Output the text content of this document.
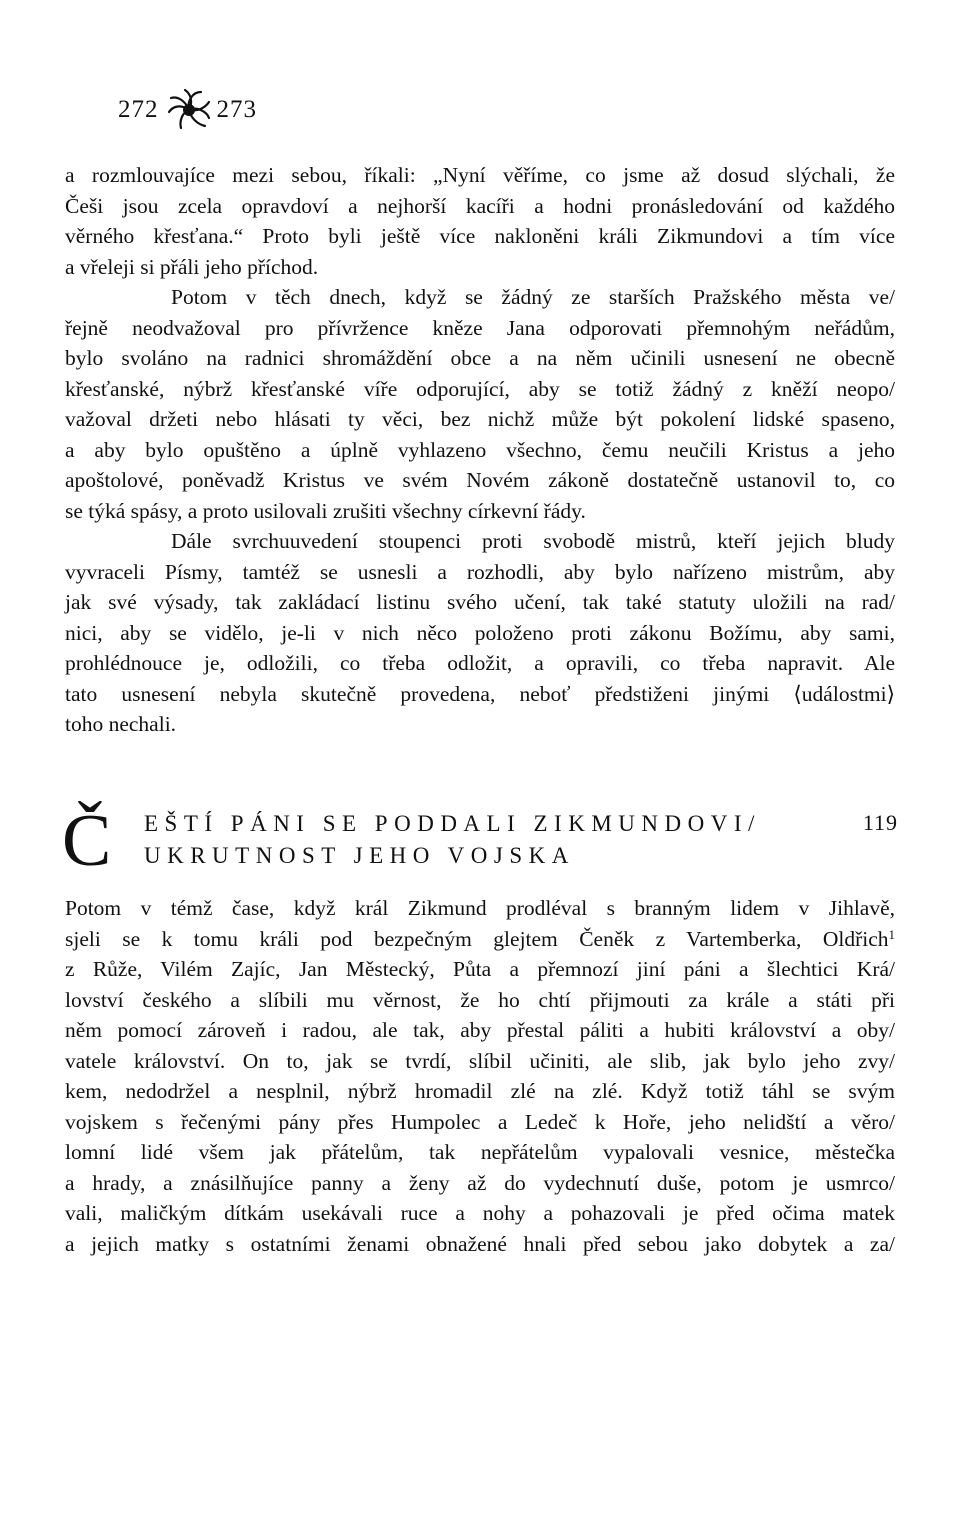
272 273
a rozmlouvajíce mezi sebou, říkali: „Nyní věříme, co jsme až dosud slýchali, že
Češi jsou zcela opravdoví a nejhorší kacíři a hodni pronásledování od každého
věrného křesťana.“ Proto byli ještě více nakloněni králi Zikmundovi a tím více
a vřeleji si přáli jeho příchod.
Potom v těch dnech, když se žádný ze starších Pražského města ve/
řejně neodvažoval pro přívržence kněze Jana odporovati přemnohým neřádům,
bylo svoláno na radnici shromáždění obce a na něm učinili usnesení ne obecně
křesťanské, nýbrž křesťanské víře odporující, aby se totiž žádný z kněží neopo/
važoval držeti nebo hlásati ty věci, bez nichž může být pokolení lidské spaseno,
a aby bylo opuštěno a úplně vyhlazeno všechno, čemu neučili Kristus a jeho
apoštolové, poněvadž Kristus ve svém Novém zákoně dostatečně ustanovil to, co
se týká spásy, a proto usilovali zrušiti všechny církevní řády.
Dále svrchuuvedení stoupenci proti svobodě mistrů, kteří jejich bludy
vyvraceli Písmy, tamtéž se usnesli a rozhodli, aby bylo nařízeno mistrům, aby
jak své výsady, tak zakládací listinu svého učení, tak také statuty uložili na rad/
nici, aby se vidělo, je-li v nich něco položeno proti zákonu Božímu, aby sami,
prohlédnouce je, odložili, co třeba odložit, a opravili, co třeba napravit. Ale
tato usnesení nebyla skutečně provedena, neboť předstiženi jinými ⟨událostmi⟩
toho nechali.
Č EŠTÍ PÁNI SE PODDALI ZIKMUNDOVI/
UKRUTNOST JEHO VOJSKA
119
Potom v témž čase, když král Zikmund prodléval s branným lidem v Jihlavě,
sjeli se k tomu králi pod bezpečným glejtem Čeněk z Vartemberka, Oldřich$^1$
z Růže, Vilém Zajíc, Jan Městecký, Půta a přemnozí jiní páni a šlechtici Krá/
lovství českého a slíbili mu věrnost, že ho chtí přijmouti za krále a státi při
něm pomocí zároveň i radou, ale tak, aby přestal páliti a hubiti království a oby/
vatele království. On to, jak se tvrdí, slíbil učiniti, ale slib, jak bylo jeho zvy/
kem, nedodržel a nesplnil, nýbrž hromadil zlé na zlé. Když totiž táhl se svým
vojskem s řečenými pány přes Humpolec a Ledeč k Hoře, jeho nelidští a věro/
lomní lidé všem jak přátelům, tak nepřátelům vypalovali vesnice, městečka
a hrady, a znásilňujíce panny a ženy až do vydechnutí duše, potom je usmrco/
vali, maličkým dítkám usekávali ruce a nohy a pohazovali je před očima matek
a jejich matky s ostatními ženami obnažené hnali před sebou jako dobytek a za/
